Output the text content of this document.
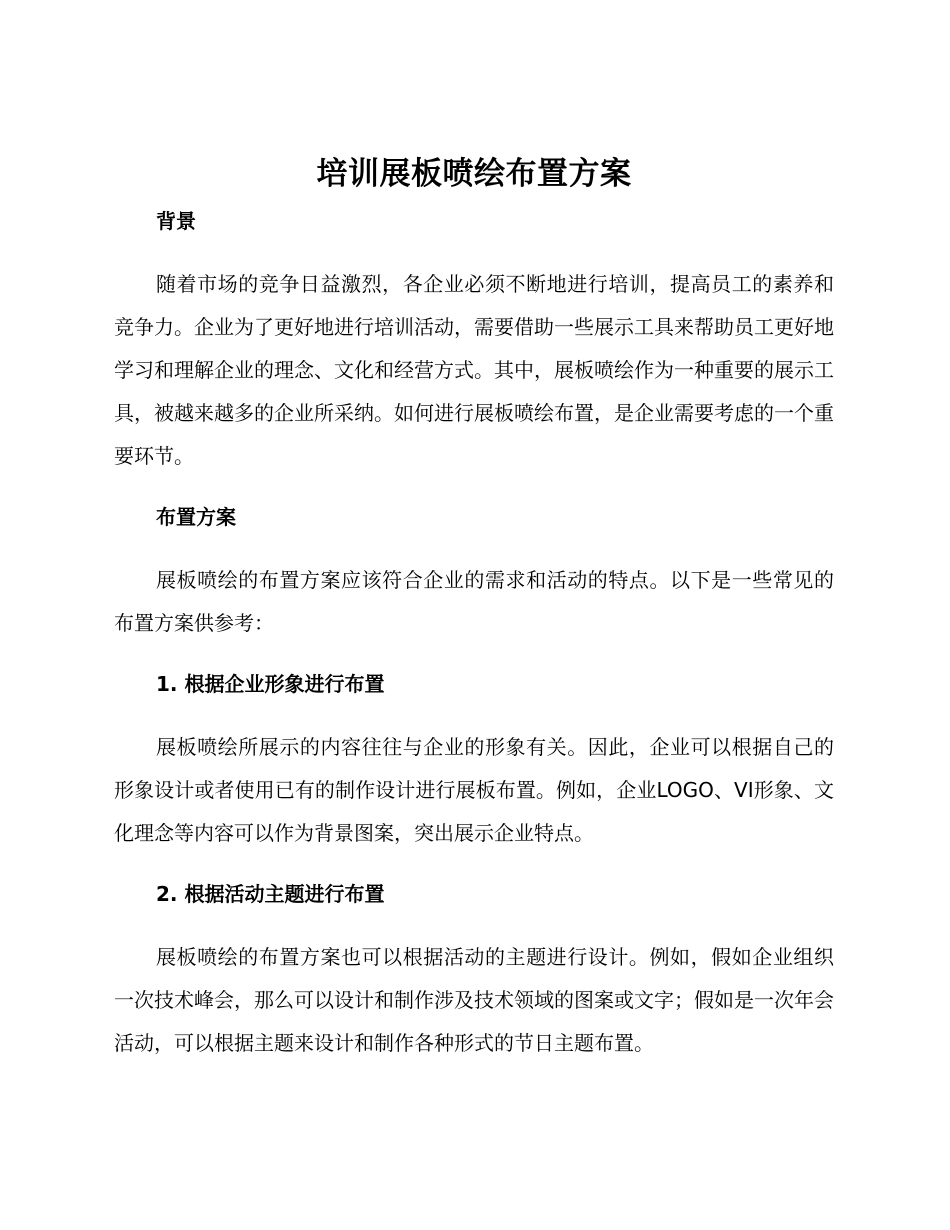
培训展板喷绘布置方案
背景

随着市场的竞争日益激烈，各企业必须不断地进行培训，提高员工的素养和竞争力。企业为了更好地进行培训活动，需要借助一些展示工具来帮助员工更好地学习和理解企业的理念、文化和经营方式。其中，展板喷绘作为一种重要的展示工具，被越来越多的企业所采纳。如何进行展板喷绘布置，是企业需要考虑的一个重要环节。

布置方案

展板喷绘的布置方案应该符合企业的需求和活动的特点。以下是一些常见的布置方案供参考：

1. 根据企业形象进行布置

展板喷绘所展示的内容往往与企业的形象有关。因此，企业可以根据自己的形象设计或者使用已有的制作设计进行展板布置。例如，企业LOGO、VI形象、文化理念等内容可以作为背景图案，突出展示企业特点。

2. 根据活动主题进行布置

展板喷绘的布置方案也可以根据活动的主题进行设计。例如，假如企业组织一次技术峰会，那么可以设计和制作涉及技术领域的图案或文字；假如是一次年会活动，可以根据主题来设计和制作各种形式的节日主题布置。
